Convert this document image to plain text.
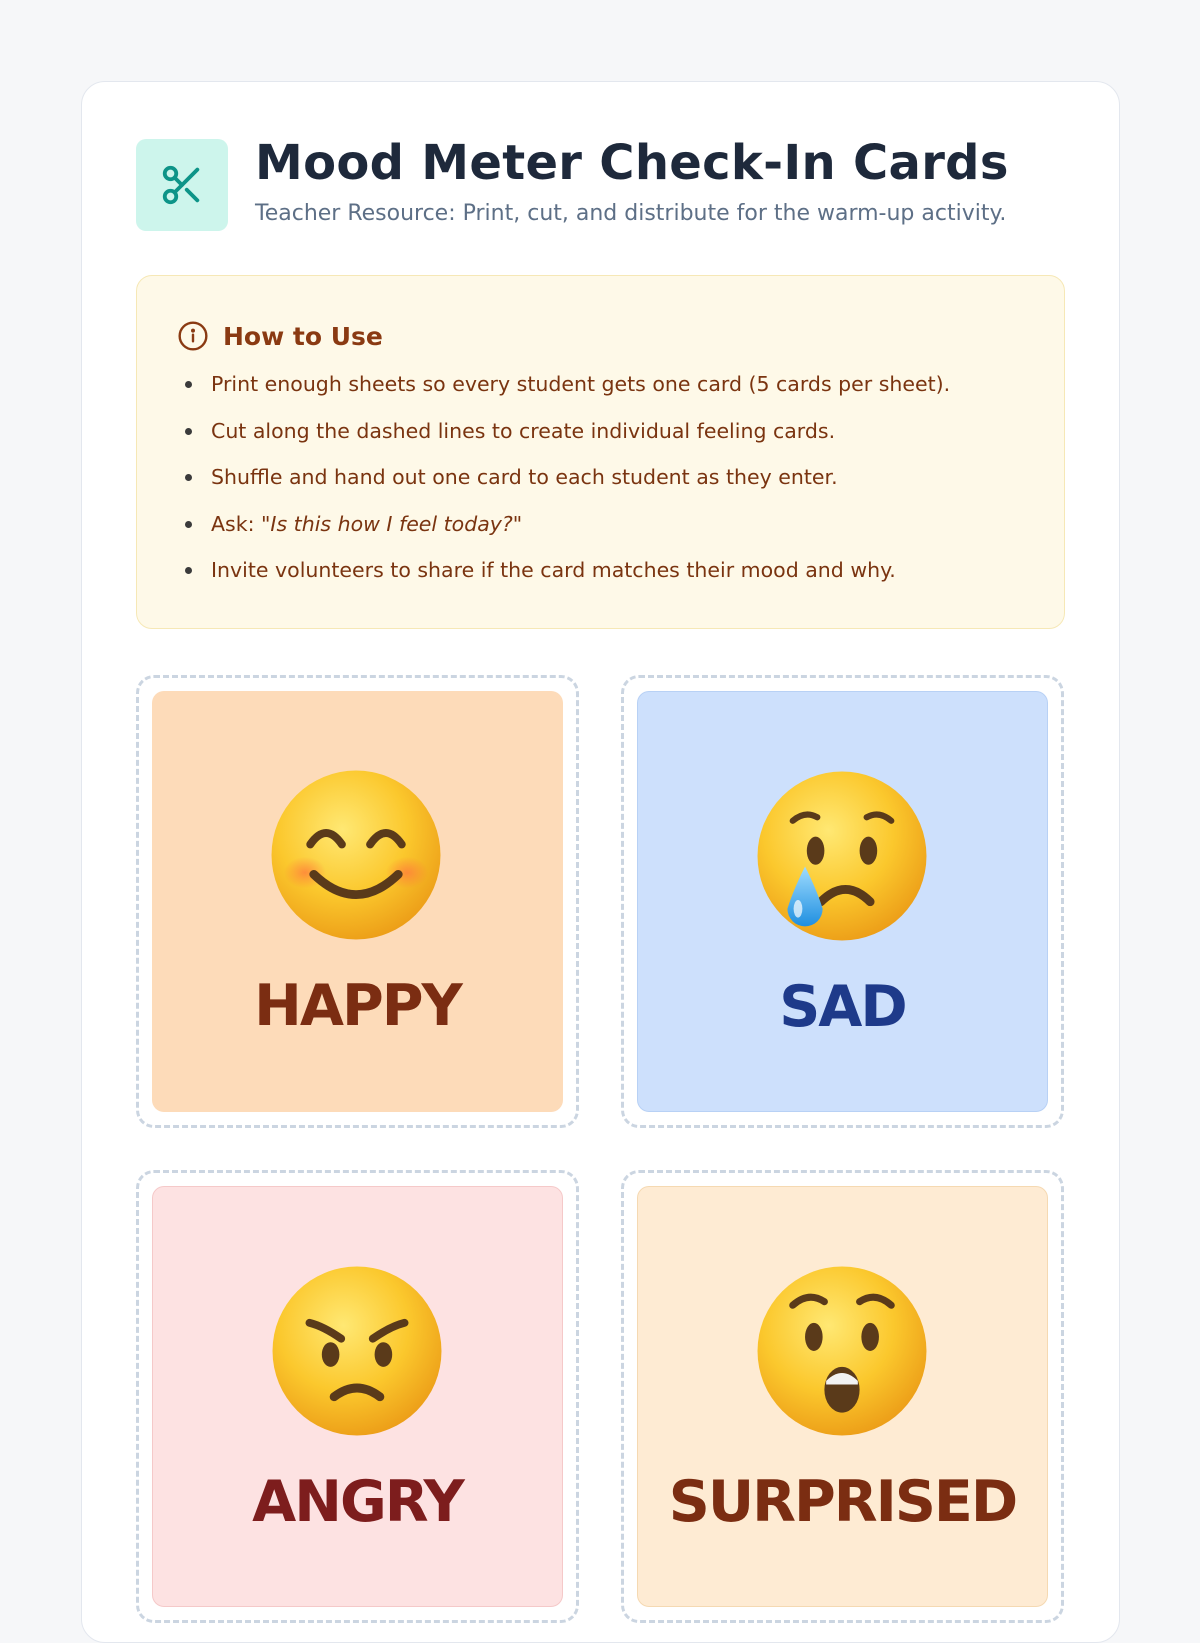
Mood Meter Check-In Cards

Teacher Resource: Print, cut, and distribute for the warm-up activity.

How to Use
Print enough sheets so every student gets one card (5 cards per sheet).
Cut along the dashed lines to create individual feeling cards.
Shuffle and hand out one card to each student as they enter.
Ask: "Is this how I feel today?"
Invite volunteers to share if the card matches their mood and why.
HAPPY	SAD
ANGRY	SURPRISED
